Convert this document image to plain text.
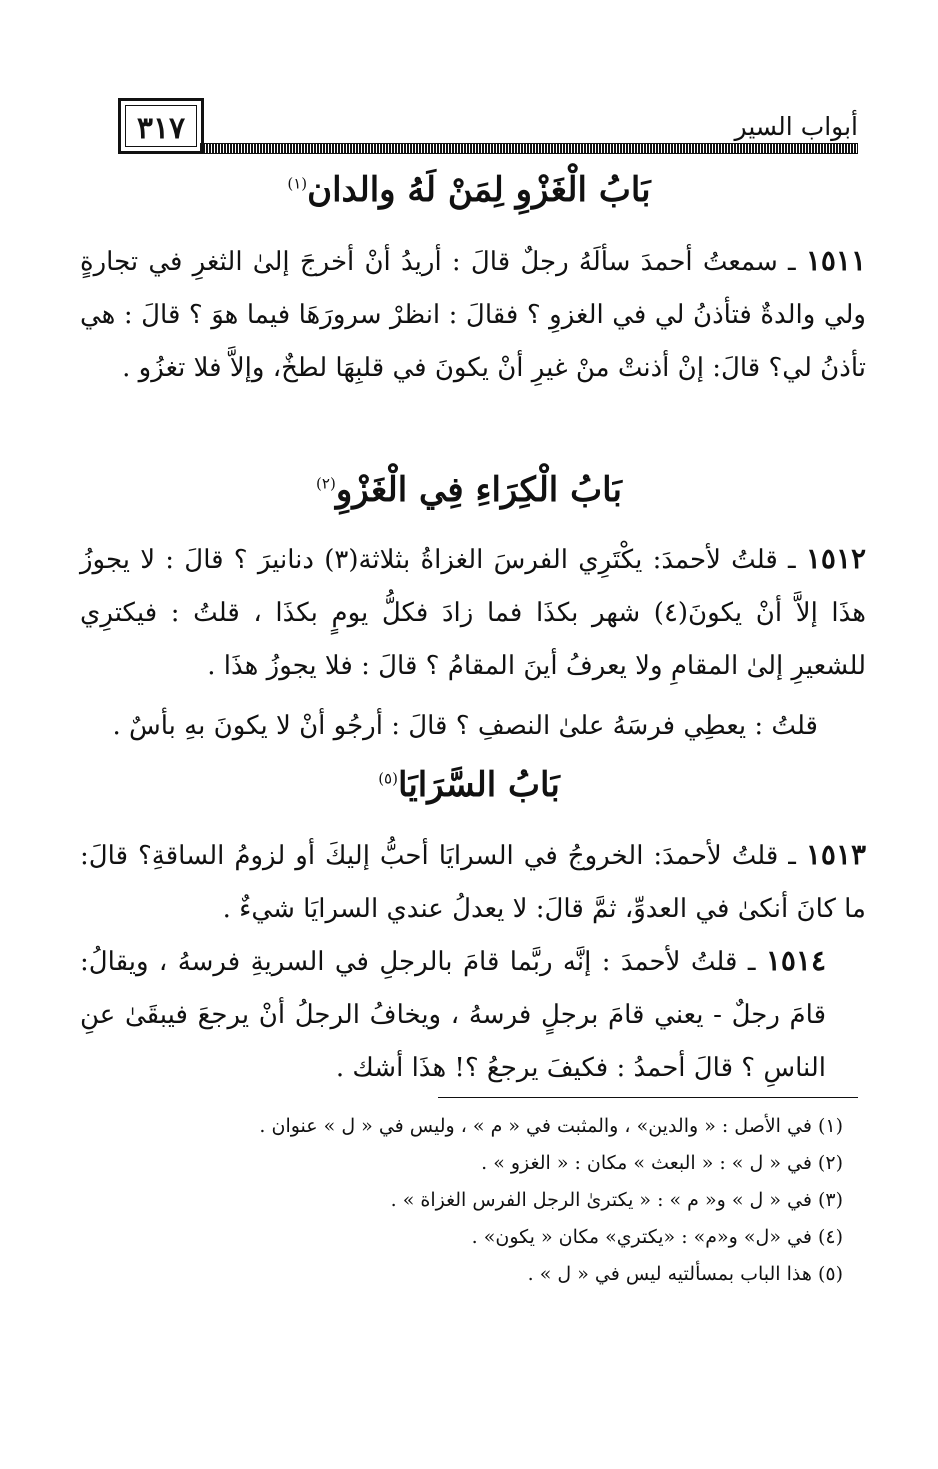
أبواب السير
٣١٧
بَابُ الْغَزْوِ لِمَنْ لَهُ والدان$^{(١)}$
١٥١١ ـ سمعتُ أحمدَ سألَهُ رجلٌ قالَ : أريدُ أنْ أخرجَ إلىٰ الثغرِ في تجارةٍ ولي والدةٌ فتأذنُ لي في الغزوِ ؟ فقالَ : انظرْ سرورَهَا فيما هوَ ؟ قالَ : هي تأذنُ لي؟ قالَ: إنْ أذنتْ منْ غيرِ أنْ يكونَ في قلبِهَا لطخٌ، وإلاَّ فلا تغزُو .
بَابُ الْكِرَاءِ فِي الْغَزْوِ$^{(٢)}$
١٥١٢ ـ قلتُ لأحمدَ: يكْتَرِي الفرسَ الغزاةُ بثلاثة(٣) دنانيرَ ؟ قالَ : لا يجوزُ هذَا إلاَّ أنْ يكونَ(٤) شهر بكذَا فما زادَ فكلُّ يومٍ بكذَا ، قلتُ : فيكترِي للشعيرِ إلىٰ المقامِ ولا يعرفُ أينَ المقامُ ؟ قالَ : فلا يجوزُ هذَا .
قلتُ : يعطِي فرسَهُ علىٰ النصفِ ؟ قالَ : أرجُو أنْ لا يكونَ بهِ بأسٌ .
بَابُ السَّرَايَا$^{(٥)}$
١٥١٣ ـ قلتُ لأحمدَ: الخروجُ في السرايَا أحبُّ إليكَ أو لزومُ الساقةِ؟ قالَ: ما كانَ أنكىٰ في العدوِّ، ثمَّ قالَ: لا يعدلُ عندي السرايَا شيءٌ .
١٥١٤ ـ قلتُ لأحمدَ : إنَّه ربَّما قامَ بالرجلِ في السريةِ فرسهُ ، ويقالُ: قامَ رجلٌ - يعني قامَ برجلٍ فرسهُ ، ويخافُ الرجلُ أنْ يرجعَ فيبقَىٰ عنِ الناسِ ؟ قالَ أحمدُ : فكيفَ يرجعُ ؟! هذَا أشك .
(١) في الأصل : « والدين» ، والمثبت في « م » ، وليس في « ل » عنوان .
(٢) في « ل » : « البعث » مكان : « الغزو » .
(٣) في « ل » و« م » : « يكترىٰ الرجل الفرس الغزاة » .
(٤) في «ل» و«م» : «يكتري» مكان « يكون» .
(٥) هذا الباب بمسألتيه ليس في « ل » .
